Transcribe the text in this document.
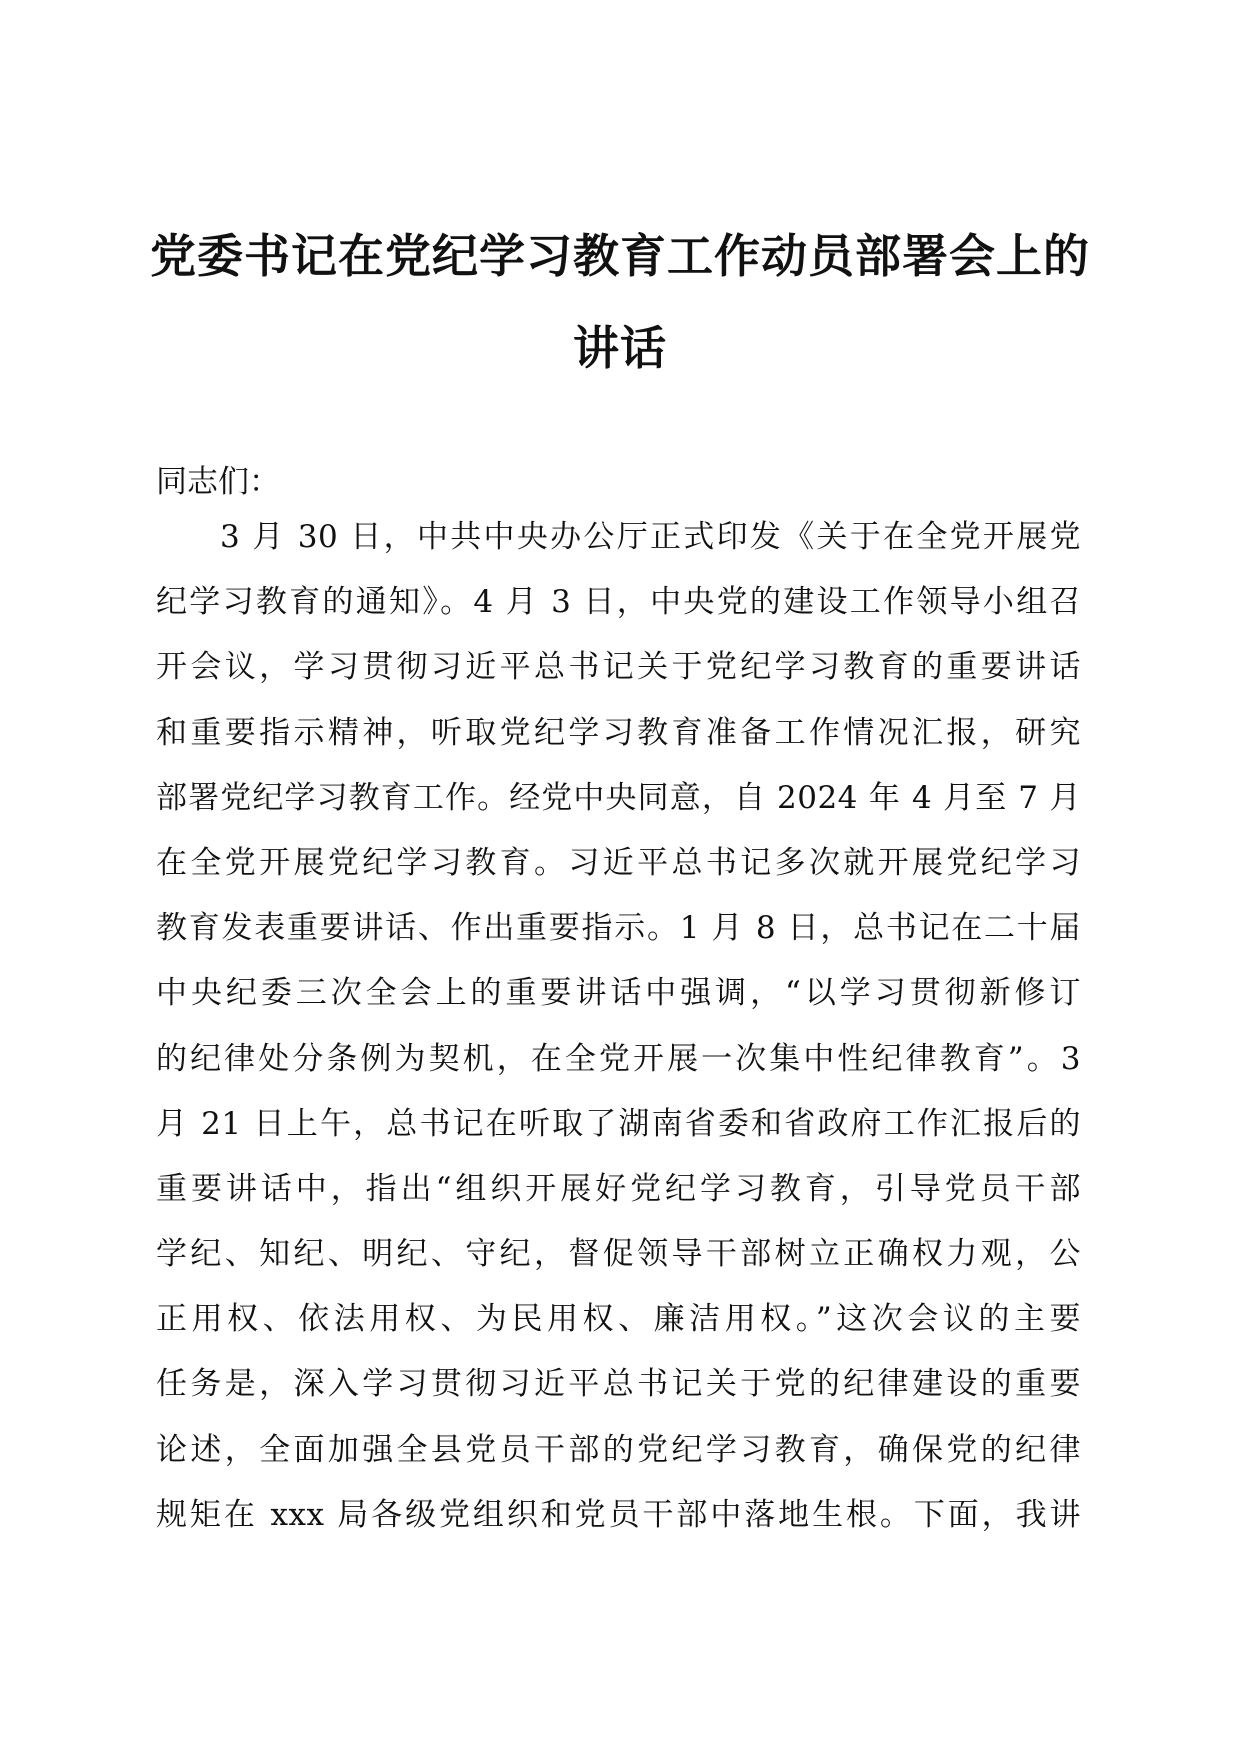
党委书记在党纪学习教育工作动员部署会上的
讲话
同志们：
3 月 30 日，中共中央办公厅正式印发《关于在全党开展党
纪学习教育的通知》。4 月 3 日，中央党的建设工作领导小组召
开会议，学习贯彻习近平总书记关于党纪学习教育的重要讲话
和重要指示精神，听取党纪学习教育准备工作情况汇报，研究
部署党纪学习教育工作。经党中央同意，自 2024 年 4 月至 7 月
在全党开展党纪学习教育。习近平总书记多次就开展党纪学习
教育发表重要讲话、作出重要指示。1 月 8 日，总书记在二十届
中央纪委三次全会上的重要讲话中强调，“以学习贯彻新修订
的纪律处分条例为契机，在全党开展一次集中性纪律教育”。3
月 21 日上午，总书记在听取了湖南省委和省政府工作汇报后的
重要讲话中，指出“组织开展好党纪学习教育，引导党员干部
学纪、知纪、明纪、守纪，督促领导干部树立正确权力观，公
正用权、依法用权、为民用权、廉洁用权。”这次会议的主要
任务是，深入学习贯彻习近平总书记关于党的纪律建设的重要
论述，全面加强全县党员干部的党纪学习教育，确保党的纪律
规矩在 xxx 局各级党组织和党员干部中落地生根。下面，我讲
